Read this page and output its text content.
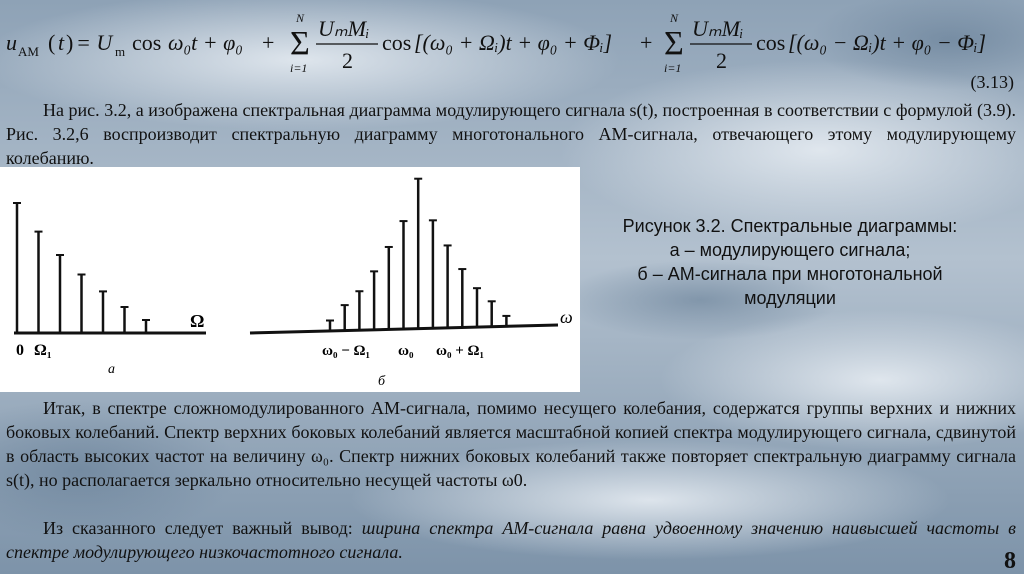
u AM ( t ) = U m cos ω₀t + φ₀ + Σ
N
i=1
UₘMᵢ
2
cos [(ω₀ + Ωᵢ)t + φ₀ + Φᵢ] + Σ
N
i=1
UₘMᵢ
2
cos [(ω₀ − Ωᵢ)t + φ₀ − Φᵢ]
(3.13)

На рис. 3.2, а изображена спектральная диаграмма модулирующего сигнала s(t), построенная в соответствии с формулой (3.9). Рис. 3.2,6 воспроизводит спектральную диаграмму многотонального АМ-сигнала, отвечающего этому модулирующему колебанию.

Ω
0 Ω₁
а
ω
ω₀ − Ω₁ ω₀ ω₀ + Ω₁
б
Рисунок 3.2. Спектральные диаграммы:
а – модулирующего сигнала;
б – АМ-сигнала при многотональной
модуляции

Итак, в спектре сложномодулированного АМ-сигнала, помимо несущего колебания, содержатся группы верхних и нижних боковых колебаний. Спектр верхних боковых колебаний является масштабной копией спектра модулирующего сигнала, сдвинутой в область высоких частот на величину ω₀. Спектр нижних боковых колебаний также повторяет спектральную диаграмму сигнала s(t), но располагается зеркально относительно несущей частоты ω0.

Из сказанного следует важный вывод: ширина спектра АМ-сигнала равна удвоенному значению наивысшей частоты в спектре модулирующего низкочастотного сигнала.	8
